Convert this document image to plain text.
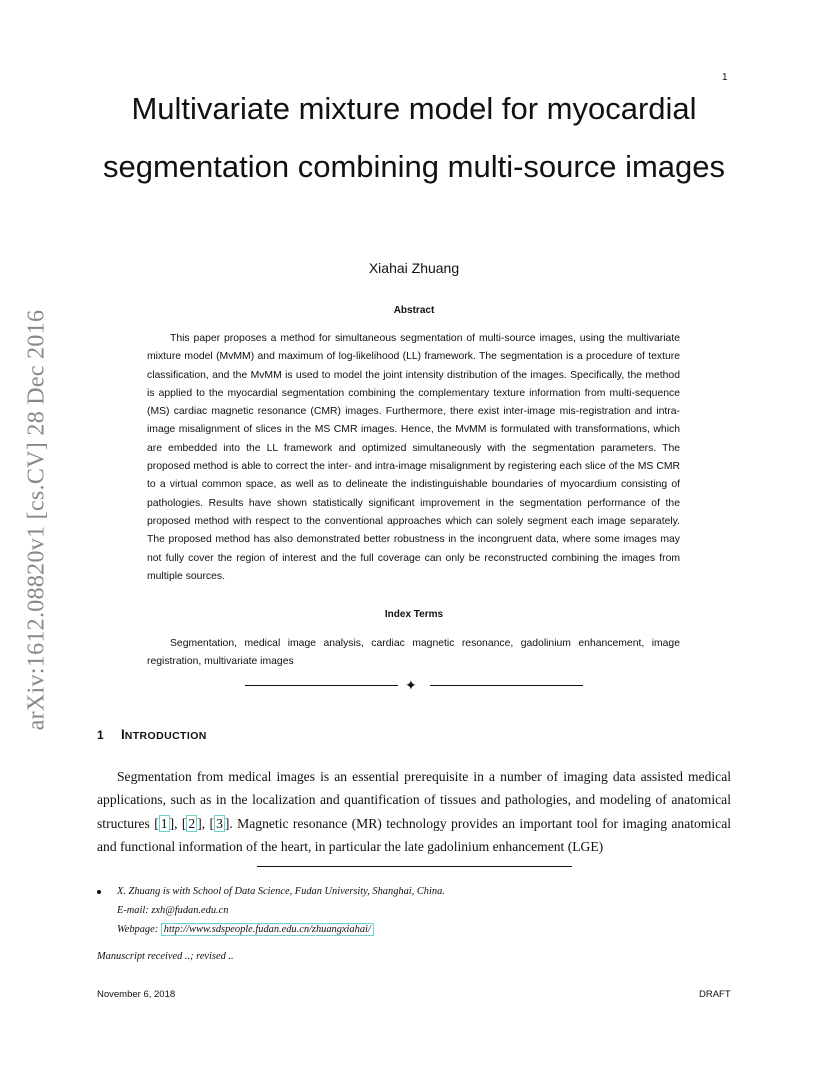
1
arXiv:1612.08820v1 [cs.CV] 28 Dec 2016
Multivariate mixture model for myocardial segmentation combining multi-source images
Xiahai Zhuang
Abstract

This paper proposes a method for simultaneous segmentation of multi-source images, using the multivariate mixture model (MvMM) and maximum of log-likelihood (LL) framework. The segmentation is a procedure of texture classification, and the MvMM is used to model the joint intensity distribution of the images. Specifically, the method is applied to the myocardial segmentation combining the complementary texture information from multi-sequence (MS) cardiac magnetic resonance (CMR) images. Furthermore, there exist inter-image mis-registration and intra-image misalignment of slices in the MS CMR images. Hence, the MvMM is formulated with transformations, which are embedded into the LL framework and optimized simultaneously with the segmentation parameters. The proposed method is able to correct the inter- and intra-image misalignment by registering each slice of the MS CMR to a virtual common space, as well as to delineate the indistinguishable boundaries of myocardium consisting of pathologies. Results have shown statistically significant improvement in the segmentation performance of the proposed method with respect to the conventional approaches which can solely segment each image separately. The proposed method has also demonstrated better robustness in the incongruent data, where some images may not fully cover the region of interest and the full coverage can only be reconstructed combining the images from multiple sources.

Index Terms

Segmentation, medical image analysis, cardiac magnetic resonance, gadolinium enhancement, image registration, multivariate images

✦
1 INTRODUCTION

Segmentation from medical images is an essential prerequisite in a number of imaging data assisted medical applications, such as in the localization and quantification of tissues and pathologies, and modeling of anatomical structures [ 1 ], [ 2 ], [ 3 ]. Magnetic resonance (MR) technology provides an important tool for imaging anatomical and functional information of the heart, in particular the late gadolinium enhancement (LGE)

X. Zhuang is with School of Data Science, Fudan University, Shanghai, China.
E-mail: zxh@fudan.edu.cn
Webpage: http://www.sdspeople.fudan.edu.cn/zhuangxiahai/
Manuscript received ..; revised ..
November 6, 2018	DRAFT
